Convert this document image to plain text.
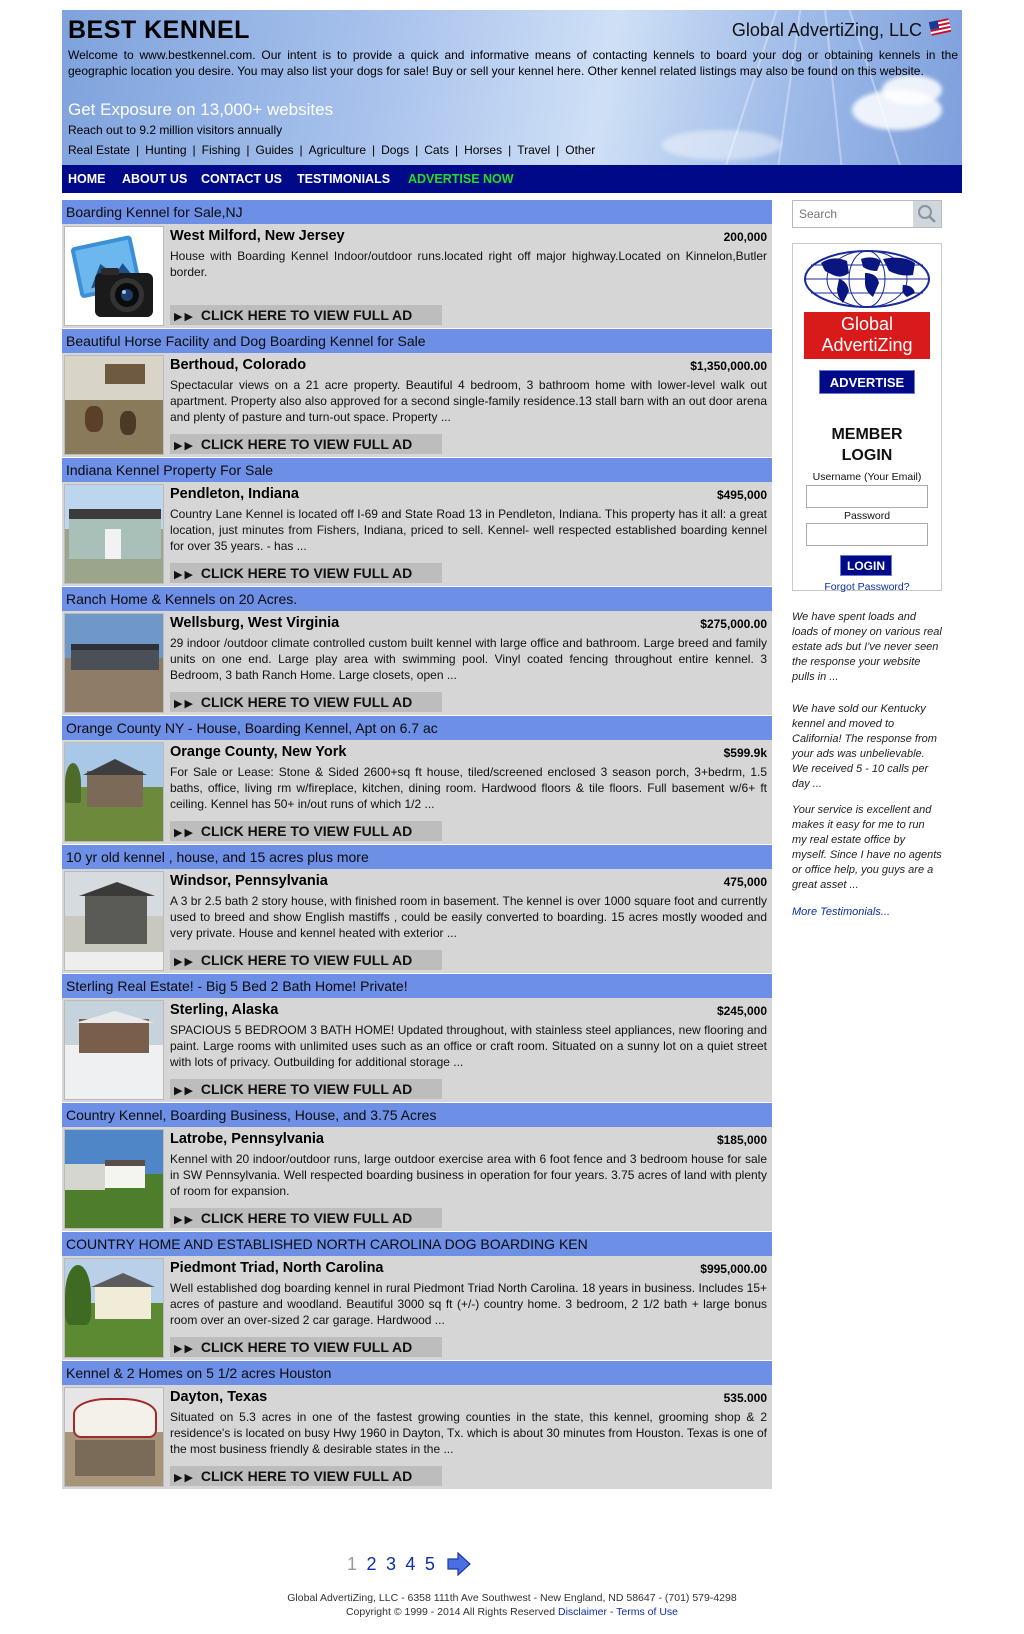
BEST KENNEL	Global AdvertiZing, LLC
Welcome to www.bestkennel.com. Our intent is to provide a quick and informative means of contacting kennels to board your dog or obtaining kennels in the geographic location you desire. You may also list your dogs for sale! Buy or sell your kennel here. Other kennel related listings may also be found on this website.
Get Exposure on 13,000+ websites
Reach out to 9.2 million visitors annually
Real Estate | Hunting | Fishing | Guides | Agriculture | Dogs | Cats | Horses | Travel | Other
HOME ABOUT US CONTACT US TESTIMONIALS ADVERTISE NOW
Boarding Kennel for Sale,NJ
West Milford, New Jersey	200,000
House with Boarding Kennel Indoor/outdoor runs.located right off major highway.Located on Kinnelon,Butler border.
▶▶ CLICK HERE TO VIEW FULL AD
Beautiful Horse Facility and Dog Boarding Kennel for Sale
Berthoud, Colorado	$1,350,000.00
Spectacular views on a 21 acre property. Beautiful 4 bedroom, 3 bathroom home with lower-level walk out apartment. Property also also approved for a second single-family residence.13 stall barn with an out door arena and plenty of pasture and turn-out space. Property ...
▶▶ CLICK HERE TO VIEW FULL AD
Indiana Kennel Property For Sale
Pendleton, Indiana	$495,000
Country Lane Kennel is located off I-69 and State Road 13 in Pendleton, Indiana. This property has it all: a great location, just minutes from Fishers, Indiana, priced to sell. Kennel- well respected established boarding kennel for over 35 years. - has ...
▶▶ CLICK HERE TO VIEW FULL AD
Ranch Home & Kennels on 20 Acres.
Wellsburg, West Virginia	$275,000.00
29 indoor /outdoor climate controlled custom built kennel with large office and bathroom. Large breed and family units on one end. Large play area with swimming pool. Vinyl coated fencing throughout entire kennel. 3 Bedroom, 3 bath Ranch Home. Large closets, open ...
▶▶ CLICK HERE TO VIEW FULL AD
Orange County NY - House, Boarding Kennel, Apt on 6.7 ac
Orange County, New York	$599.9k
For Sale or Lease: Stone & Sided 2600+sq ft house, tiled/screened enclosed 3 season porch, 3+bedrm, 1.5 baths, office, living rm w/fireplace, kitchen, dining room. Hardwood floors & tile floors. Full basement w/6+ ft ceiling. Kennel has 50+ in/out runs of which 1/2 ...
▶▶ CLICK HERE TO VIEW FULL AD
10 yr old kennel , house, and 15 acres plus more
Windsor, Pennsylvania	475,000
A 3 br 2.5 bath 2 story house, with finished room in basement. The kennel is over 1000 square foot and currently used to breed and show English mastiffs , could be easily converted to boarding. 15 acres mostly wooded and very private. House and kennel heated with exterior ...
▶▶ CLICK HERE TO VIEW FULL AD
Sterling Real Estate! - Big 5 Bed 2 Bath Home! Private!
Sterling, Alaska	$245,000
SPACIOUS 5 BEDROOM 3 BATH HOME! Updated throughout, with stainless steel appliances, new flooring and paint. Large rooms with unlimited uses such as an office or craft room. Situated on a sunny lot on a quiet street with lots of privacy. Outbuilding for additional storage ...
▶▶ CLICK HERE TO VIEW FULL AD
Country Kennel, Boarding Business, House, and 3.75 Acres
Latrobe, Pennsylvania	$185,000
Kennel with 20 indoor/outdoor runs, large outdoor exercise area with 6 foot fence and 3 bedroom house for sale in SW Pennsylvania. Well respected boarding business in operation for four years. 3.75 acres of land with plenty of room for expansion.
▶▶ CLICK HERE TO VIEW FULL AD
COUNTRY HOME AND ESTABLISHED NORTH CAROLINA DOG BOARDING KEN
Piedmont Triad, North Carolina	$995,000.00
Well established dog boarding kennel in rural Piedmont Triad North Carolina. 18 years in business. Includes 15+ acres of pasture and woodland. Beautiful 3000 sq ft (+/-) country home. 3 bedroom, 2 1/2 bath + large bonus room over an over-sized 2 car garage. Hardwood ...
▶▶ CLICK HERE TO VIEW FULL AD
Kennel & 2 Homes on 5 1/2 acres Houston
Dayton, Texas	535.000
Situated on 5.3 acres in one of the fastest growing counties in the state, this kennel, grooming shop & 2 residence's is located on busy Hwy 1960 in Dayton, Tx. which is about 30 minutes from Houston. Texas is one of the most business friendly & desirable states in the ...
▶▶ CLICK HERE TO VIEW FULL AD
Search
Global
AdvertiZing
ADVERTISE
MEMBER
LOGIN
Username (Your Email)
Password
LOGIN
Forgot Password?
We have spent loads and loads of money on various real estate ads but I've never seen the response your website pulls in ...
We have sold our Kentucky kennel and moved to California! The response from your ads was unbelievable. We received 5 - 10 calls per day ...
Your service is excellent and makes it easy for me to run my real estate office by myself. Since I have no agents or office help, you guys are a great asset ...
More Testimonials...
1 2 3 4 5
Global AdvertiZing, LLC - 6358 111th Ave Southwest - New England, ND 58647 - (701) 579-4298
Copyright © 1999 - 2014 All Rights Reserved Disclaimer - Terms of Use
